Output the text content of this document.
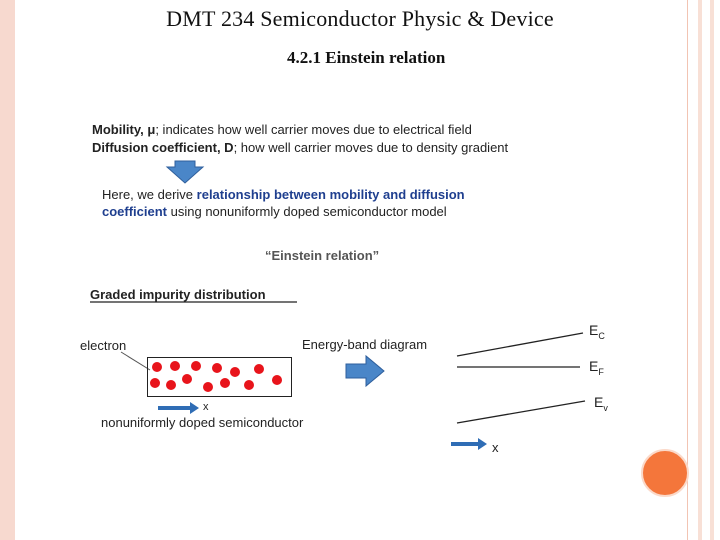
DMT 234 Semiconductor Physic & Device
4.2.1 Einstein relation
Mobility, μ; indicates how well carrier moves due to electrical field
Diffusion coefficient, D; how well carrier moves due to density gradient
Here, we derive relationship between mobility and diffusion
coefficient using nonuniformly doped semiconductor model
“Einstein relation”
Graded impurity distribution
electron
x
nonuniformly doped semiconductor
Energy-band diagram
$E_C$
$E_F$
$E_v$
x
